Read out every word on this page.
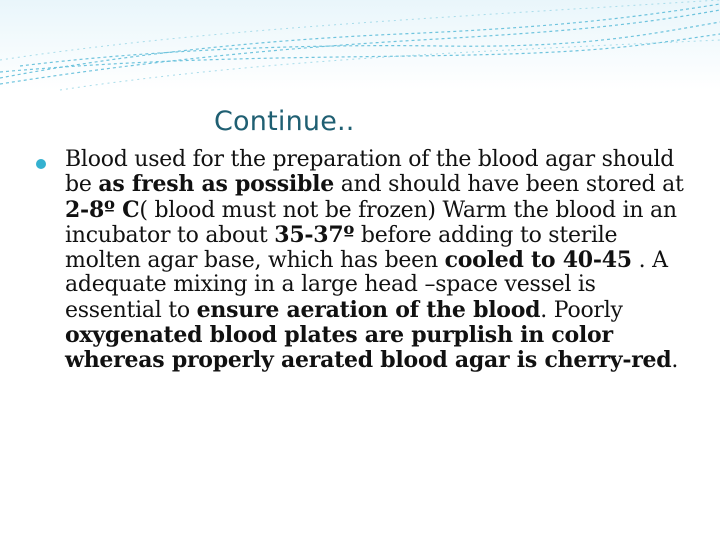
Continue..

Blood used for the preparation of the blood agar should be as fresh as possible and should have been stored at 2-8º C( blood must not be frozen) Warm the blood in an incubator to about 35-37º before adding to sterile molten agar base, which has been cooled to 40-45 . A adequate mixing in a large head –space vessel is essential to ensure aeration of the blood. Poorly oxygenated blood plates are purplish in color whereas properly aerated blood agar is cherry-red.
